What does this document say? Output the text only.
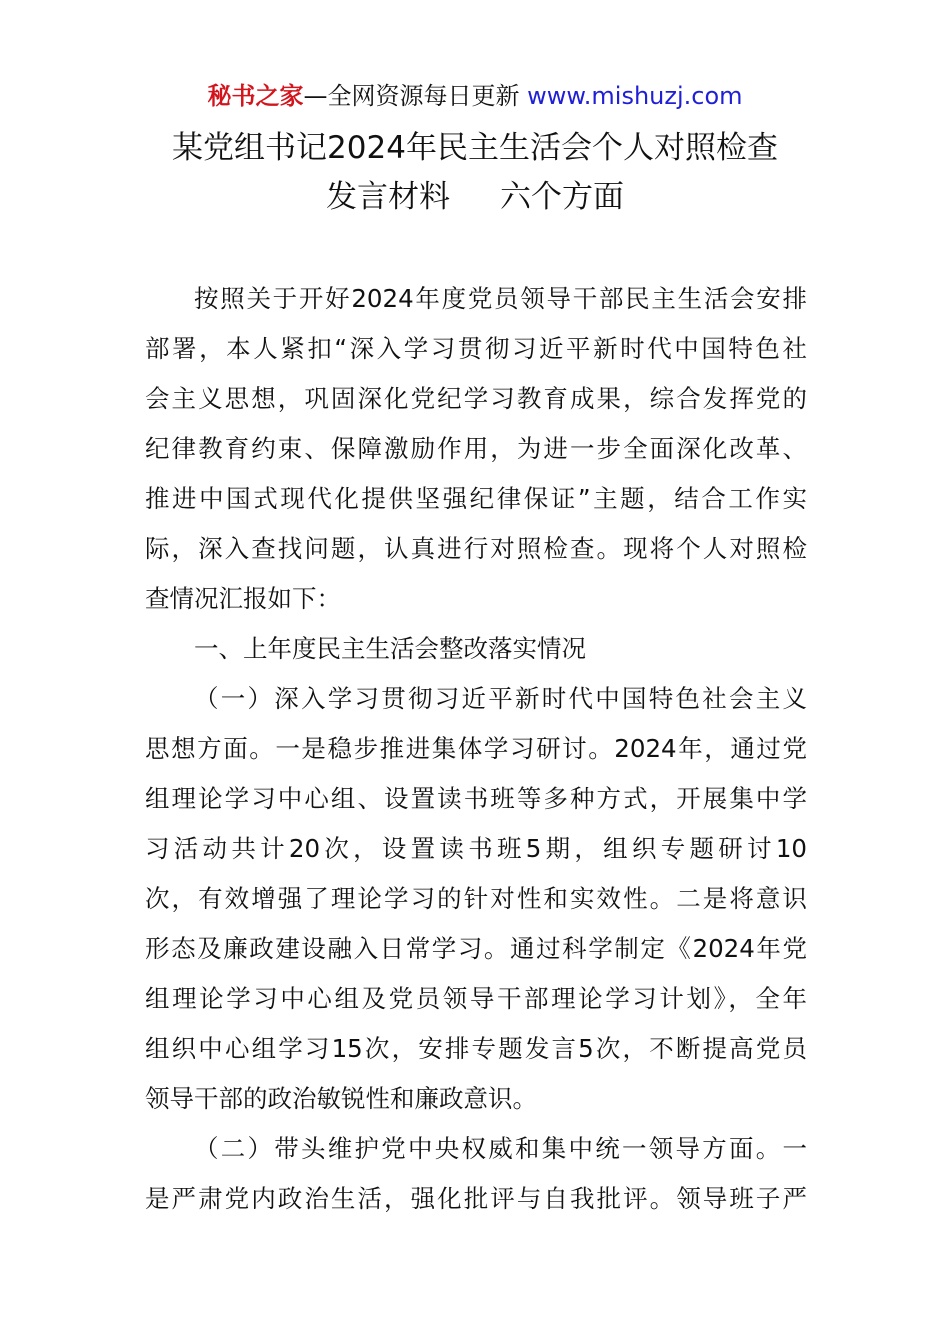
秘书之家—全网资源每日更新 www.mishuzj.com
某党组书记2024年民主生活会个人对照检查
发言材料 六个方面
按照关于开好2024年度党员领导干部民主生活会安排
部署，本人紧扣“深入学习贯彻习近平新时代中国特色社
会主义思想，巩固深化党纪学习教育成果，综合发挥党的
纪律教育约束、保障激励作用，为进一步全面深化改革、
推进中国式现代化提供坚强纪律保证”主题，结合工作实
际，深入查找问题，认真进行对照检查。现将个人对照检
查情况汇报如下：
一、上年度民主生活会整改落实情况
（一）深入学习贯彻习近平新时代中国特色社会主义
思想方面。一是稳步推进集体学习研讨。2024年，通过党
组理论学习中心组、设置读书班等多种方式，开展集中学
习活动共计20次，设置读书班5期，组织专题研讨10
次，有效增强了理论学习的针对性和实效性。二是将意识
形态及廉政建设融入日常学习。通过科学制定《2024年党
组理论学习中心组及党员领导干部理论学习计划》，全年
组织中心组学习15次，安排专题发言5次，不断提高党员
领导干部的政治敏锐性和廉政意识。
（二）带头维护党中央权威和集中统一领导方面。一
是严肃党内政治生活，强化批评与自我批评。领导班子严
